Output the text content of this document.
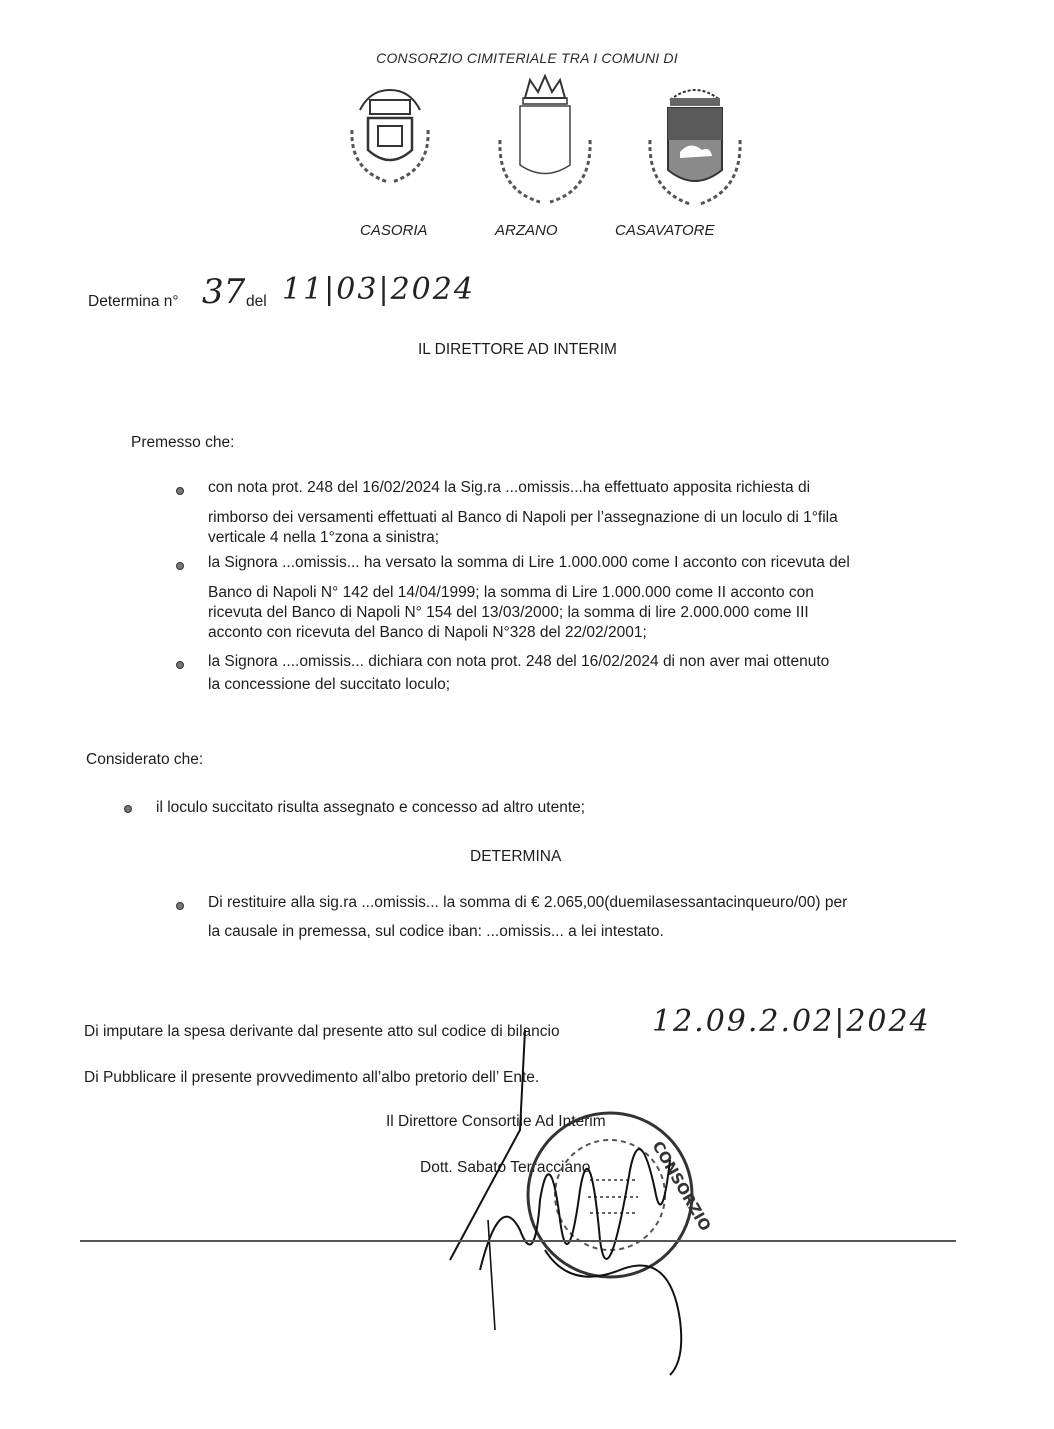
CONSORZIO CIMITERIALE TRA I COMUNI DI
CASORIA	ARZANO	CASAVATORE
Determina n° 37 del 11|03|2024
IL DIRETTORE AD INTERIM
Premesso che:
con nota prot. 248 del 16/02/2024 la Sig.ra ...omissis...ha effettuato apposita richiesta di
rimborso dei versamenti effettuati al Banco di Napoli per l’assegnazione di un loculo di 1°fila
verticale 4 nella 1°zona a sinistra;
la Signora ...omissis... ha versato la somma di Lire 1.000.000 come I acconto con ricevuta del
Banco di Napoli N° 142 del 14/04/1999; la somma di Lire 1.000.000 come II acconto con
ricevuta del Banco di Napoli N° 154 del 13/03/2000; la somma di lire 2.000.000 come III
acconto con ricevuta del Banco di Napoli N°328 del 22/02/2001;
la Signora ....omissis... dichiara con nota prot. 248 del 16/02/2024 di non aver mai ottenuto
la concessione del succitato loculo;
Considerato che:
il loculo succitato risulta assegnato e concesso ad altro utente;
DETERMINA
Di restituire alla sig.ra ...omissis... la somma di € 2.065,00(duemilasessantacinqueuro/00) per
la causale in premessa, sul codice iban: ...omissis... a lei intestato.
Di imputare la spesa derivante dal presente atto sul codice di bilancio	12.09.2.02|2024
Di Pubblicare il presente provvedimento all’albo pretorio dell’ Ente.
Il Direttore Consortile Ad Interim
Dott. Sabato Terracciano	CONSORZIO
